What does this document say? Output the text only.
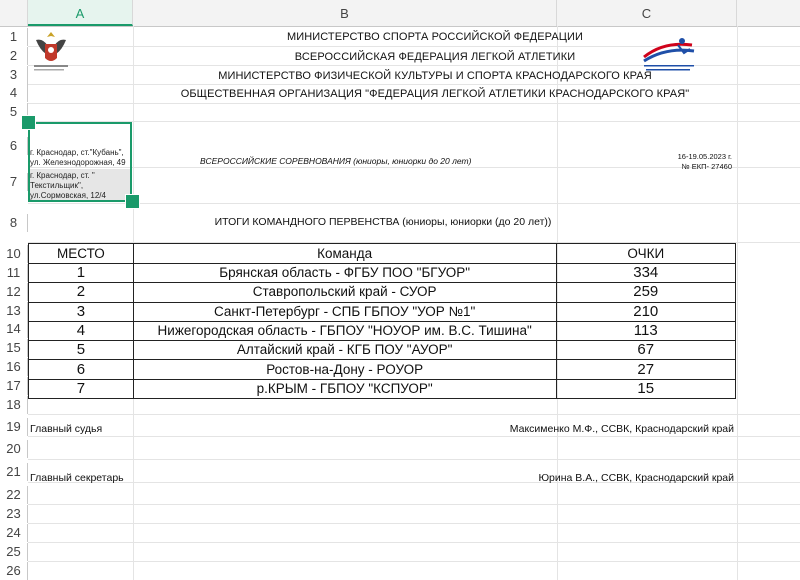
A	B	C
1
2
3
4
5
6
7
8
10
11
12
13
14
15
16
17
18
19
20
21
22
23
24
25
26
МИНИСТЕРСТВО СПОРТА РОССИЙСКОЙ ФЕДЕРАЦИИ
ВСЕРОССИЙСКАЯ ФЕДЕРАЦИЯ ЛЕГКОЙ АТЛЕТИКИ
МИНИСТЕРСТВО ФИЗИЧЕСКОЙ КУЛЬТУРЫ И СПОРТА КРАСНОДАРСКОГО КРАЯ
ОБЩЕСТВЕННАЯ ОРГАНИЗАЦИЯ "ФЕДЕРАЦИЯ ЛЕГКОЙ АТЛЕТИКИ КРАСНОДАРСКОГО КРАЯ"
г. Краснодар, ст."Кубань", ул. Железнодорожная, 49
г. Краснодар, ст. " Текстильщик", ул.Сормовская, 12/4
ВСЕРОССИЙСКИЕ СОРЕВНОВАНИЯ (юниоры, юниорки до 20 лет)	16-19.05.2023 г.
№ ЕКП- 27460
ИТОГИ КОМАНДНОГО ПЕРВЕНСТВА (юниоры, юниорки (до 20 лет))
МЕСТО	Команда	ОЧКИ
1	Брянская область - ФГБУ ПОО "БГУОР"	334
2	Ставропольский край - СУОР	259
3	Санкт-Петербург - СПБ ГБПОУ "УОР №1"	210
4	Нижегородская область - ГБПОУ "НОУОР им. В.С. Тишина"	113
5	Алтайский край - КГБ ПОУ "АУОР"	67
6	Ростов-на-Дону - РОУОР	27
7	р.КРЫМ - ГБПОУ "КСПУОР"	15
Главный судья	Максименко М.Ф., ССВК, Краснодарский край
Главный секретарь	Юрина В.А., ССВК, Краснодарский край
